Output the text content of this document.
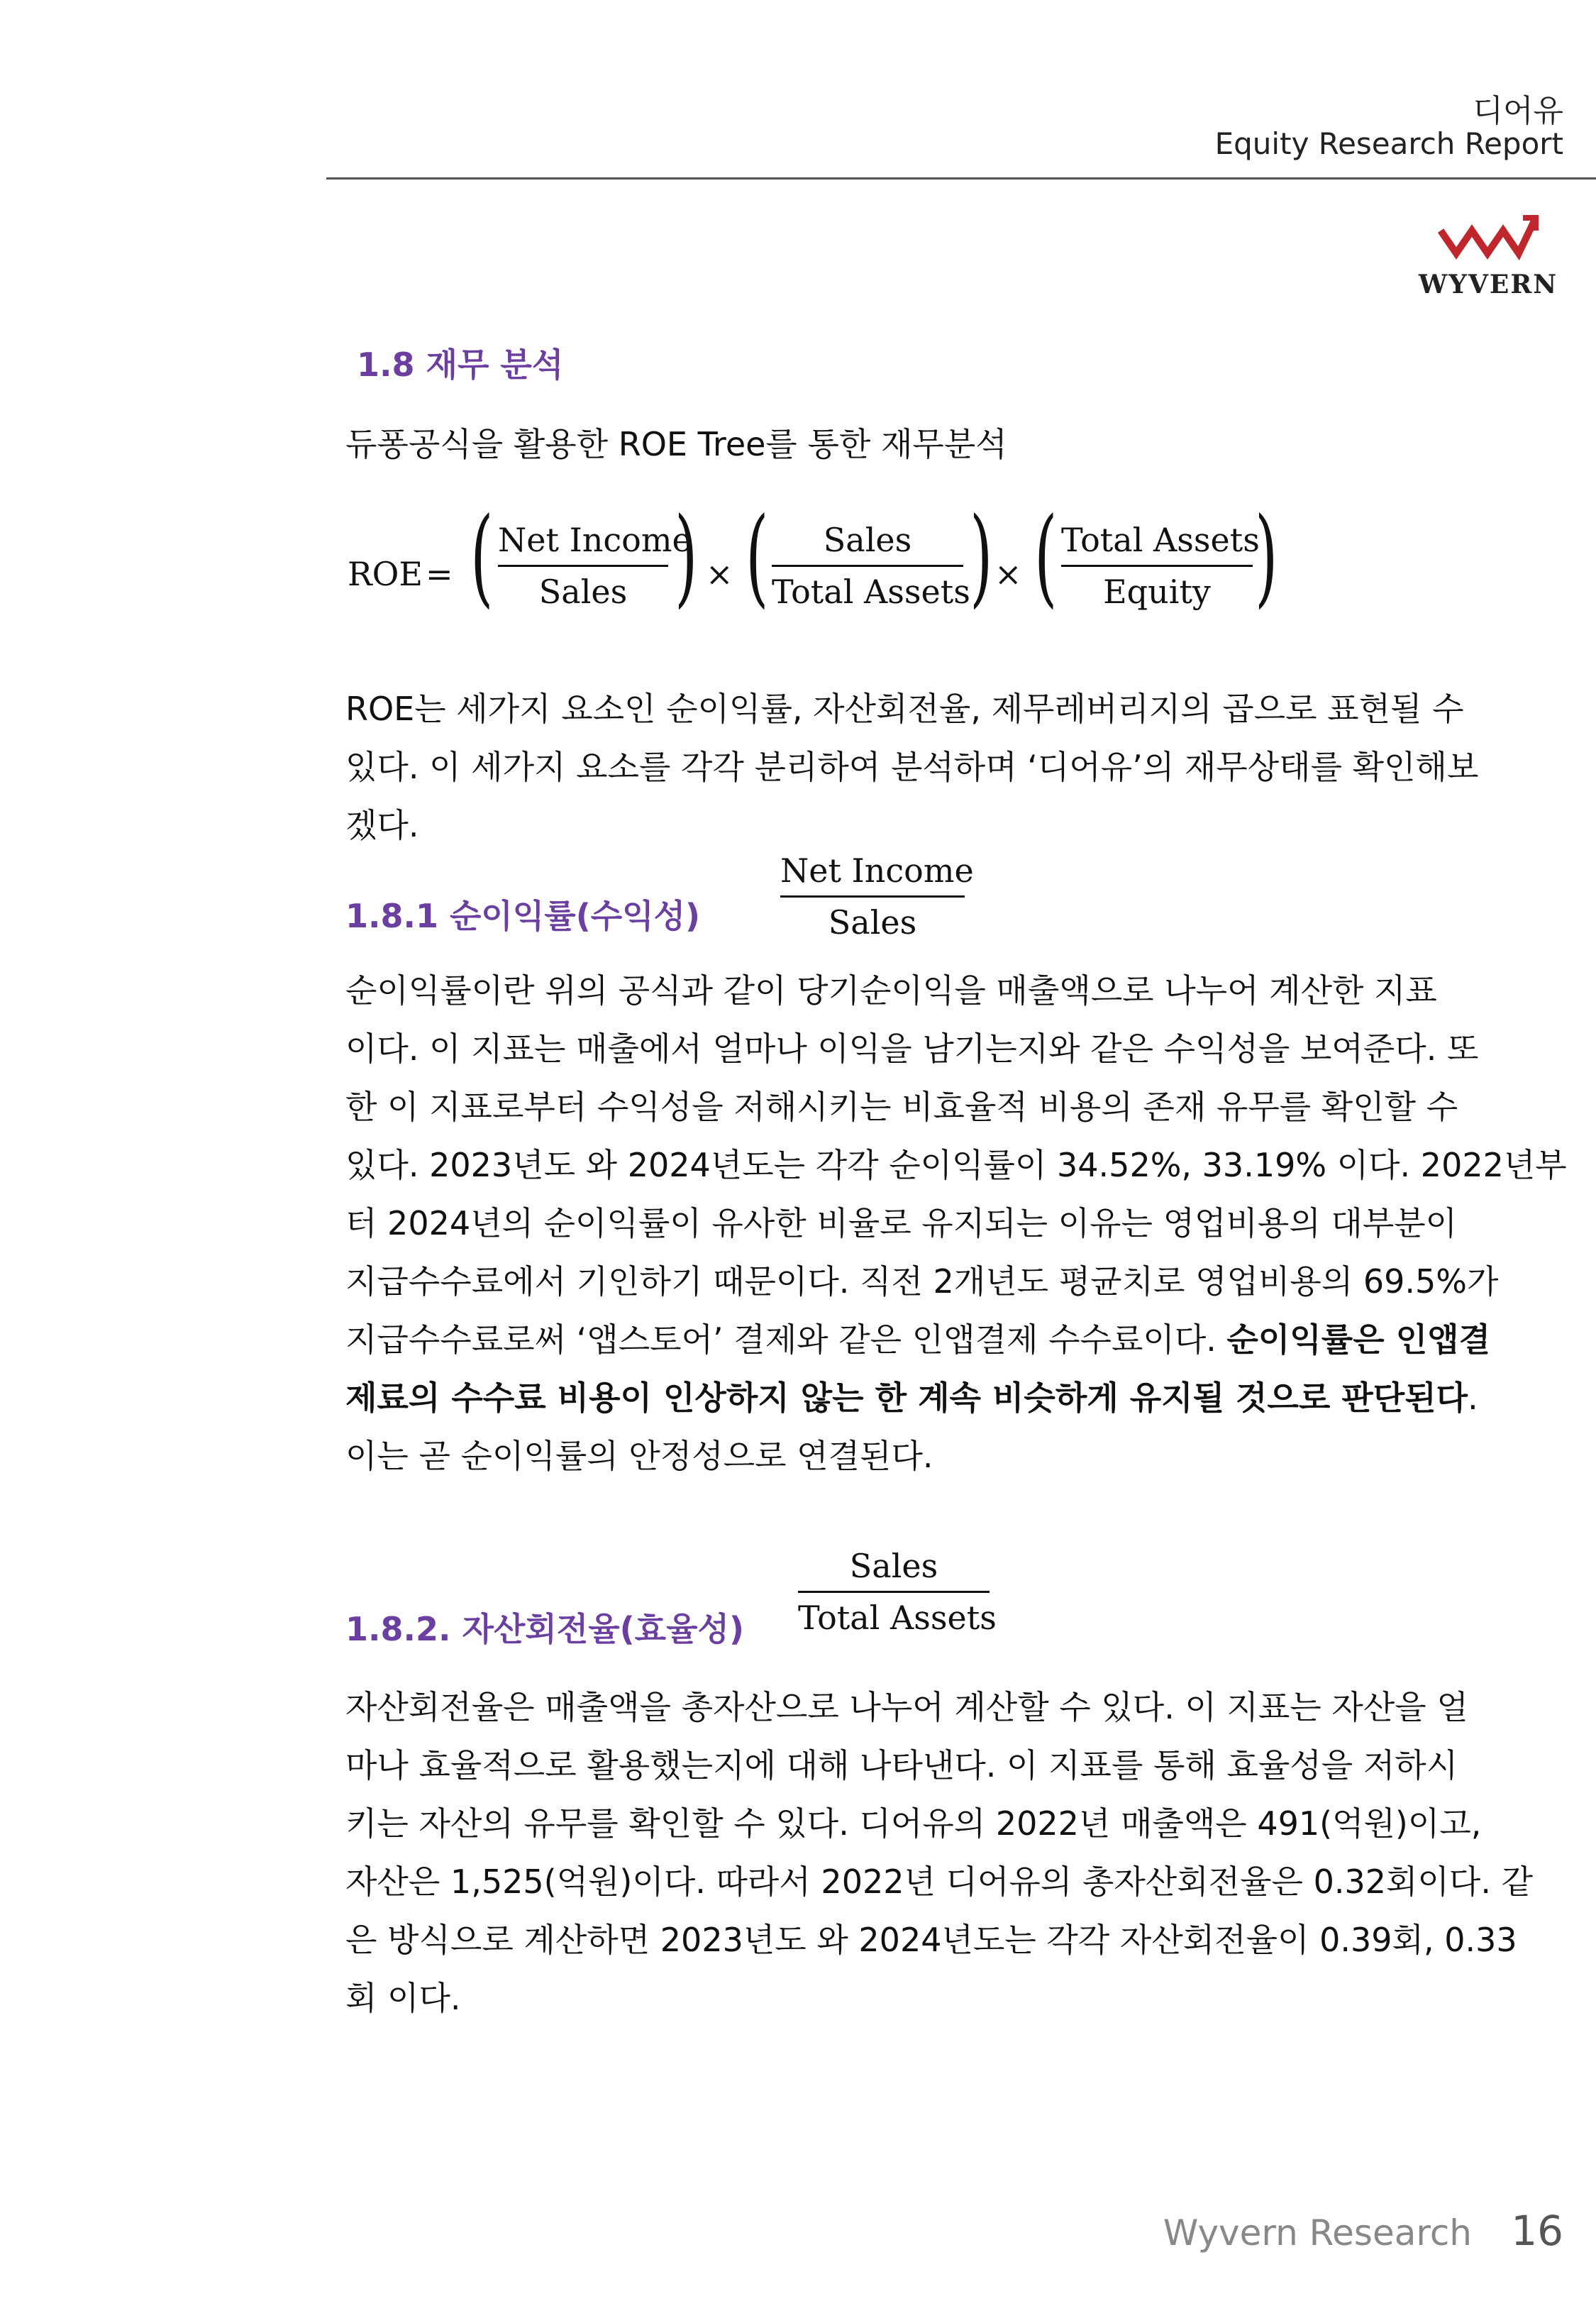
디어유
Equity Research Report
WYVERN
1.8 재무 분석
듀퐁공식을 활용한 ROE Tree를 통한 재무분석
ROE = ( Net Income
Sales ) × (	Sales
Total Assets ) × ( Total Assets
Equity )
ROE는 세가지 요소인 순이익률, 자산회전율, 제무레버리지의 곱으로 표현될 수
있다. 이 세가지 요소를 각각 분리하여 분석하며 ‘디어유’의 재무상태를 확인해보
겠다.
1.8.1 순이익률(수익성)
Net Income
Sales
순이익률이란 위의 공식과 같이 당기순이익을 매출액으로 나누어 계산한 지표
이다. 이 지표는 매출에서 얼마나 이익을 남기는지와 같은 수익성을 보여준다. 또
한 이 지표로부터 수익성을 저해시키는 비효율적 비용의 존재 유무를 확인할 수
있다. 2023년도 와 2024년도는 각각 순이익률이 34.52%, 33.19% 이다. 2022년부
터 2024년의 순이익률이 유사한 비율로 유지되는 이유는 영업비용의 대부분이
지급수수료에서 기인하기 때문이다. 직전 2개년도 평균치로 영업비용의 69.5%가
지급수수료로써 ‘앱스토어’ 결제와 같은 인앱결제 수수료이다. 순이익률은 인앱결
제료의 수수료 비용이 인상하지 않는 한 계속 비슷하게 유지될 것으로 판단된다.
이는 곧 순이익률의 안정성으로 연결된다.
Sales
Total Assets
1.8.2. 자산회전율(효율성)
자산회전율은 매출액을 총자산으로 나누어 계산할 수 있다. 이 지표는 자산을 얼
마나 효율적으로 활용했는지에 대해 나타낸다. 이 지표를 통해 효율성을 저하시
키는 자산의 유무를 확인할 수 있다. 디어유의 2022년 매출액은 491(억원)이고,
자산은 1,525(억원)이다. 따라서 2022년 디어유의 총자산회전율은 0.32회이다. 같
은 방식으로 계산하면 2023년도 와 2024년도는 각각 자산회전율이 0.39회, 0.33
회 이다.
Wyvern Research 16
